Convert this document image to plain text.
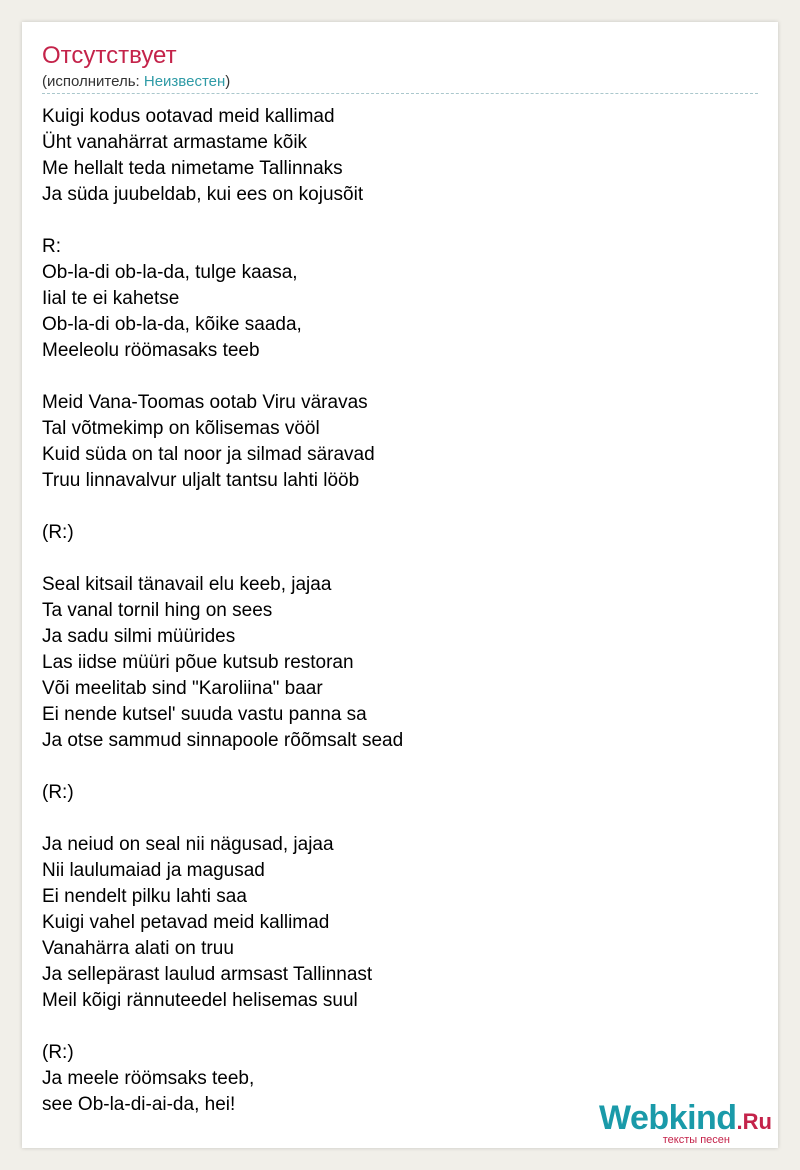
Отсутствует
(исполнитель: Неизвестен)
Kuigi kodus ootavad meid kallimad
Üht vanahärrat armastame kõik
Me hellalt teda nimetame Tallinnaks
Ja süda juubeldab, kui ees on kojusõit
R:
Ob-la-di ob-la-da, tulge kaasa,
Iial te ei kahetse
Ob-la-di ob-la-da, kõike saada,
Meeleolu röömasaks teeb
Meid Vana-Toomas ootab Viru väravas
Tal võtmekimp on kõlisemas vööl
Kuid süda on tal noor ja silmad säravad
Truu linnavalvur uljalt tantsu lahti lööb
(R:)
Seal kitsail tänavail elu keeb, jajaa
Ta vanal tornil hing on sees
Ja sadu silmi müürides
Las iidse müüri põue kutsub restoran
Või meelitab sind "Karoliina" baar
Ei nende kutsel' suuda vastu panna sa
Ja otse sammud sinnapoole rõõmsalt sead
(R:)
Ja neiud on seal nii nägusad, jajaa
Nii laulumaiad ja magusad
Ei nendelt pilku lahti saa
Kuigi vahel petavad meid kallimad
Vanahärra alati on truu
Ja sellepärast laulud armsast Tallinnast
Meil kõigi rännuteedel helisemas suul
(R:)
Ja meele röömsaks teeb,
see Ob-la-di-ai-da, hei!	Webkind.Ru
тексты песен
